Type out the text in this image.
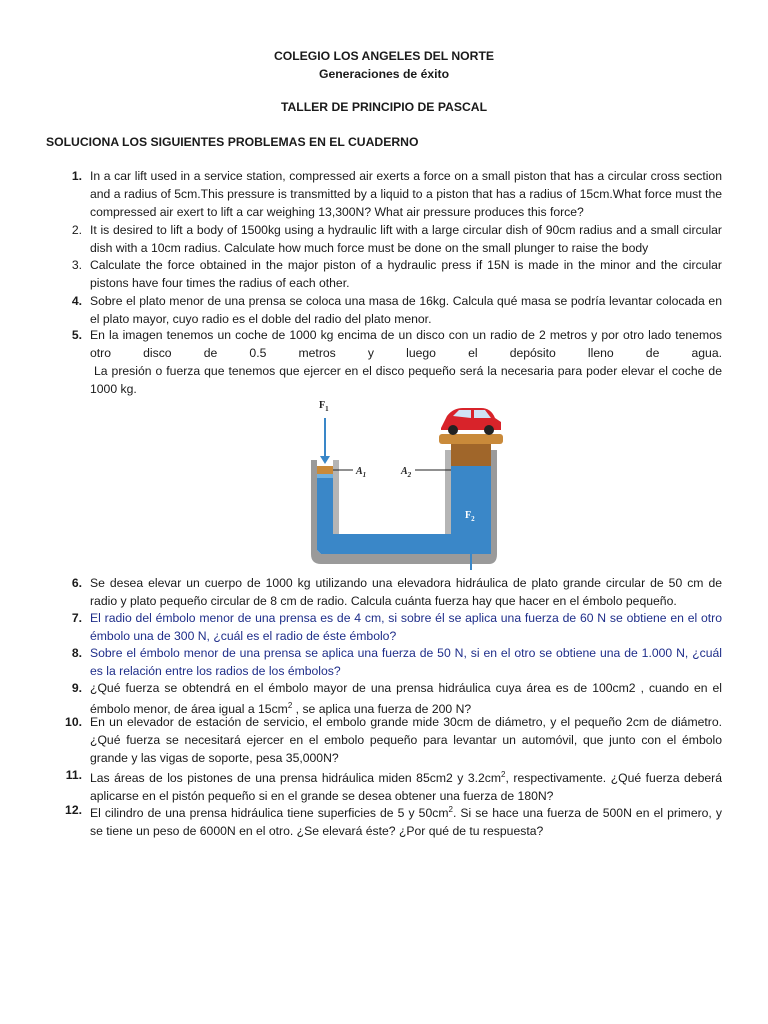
COLEGIO LOS ANGELES DEL NORTE
Generaciones de éxito
TALLER DE PRINCIPIO DE PASCAL
SOLUCIONA LOS SIGUIENTES PROBLEMAS EN EL CUADERNO
1. In a car lift used in a service station, compressed air exerts a force on a small piston that has a circular cross section and a radius of 5cm.This pressure is transmitted by a liquid to a piston that has a radius of 15cm.What force must the compressed air exert to lift a car weighing 13,300N? What air pressure produces this force?
2. It is desired to lift a body of 1500kg using a hydraulic lift with a large circular dish of 90cm radius and a small circular dish with a 10cm radius. Calculate how much force must be done on the small plunger to raise the body
3. Calculate the force obtained in the major piston of a hydraulic press if 15N is made in the minor and the circular pistons have four times the radius of each other.
4. Sobre el plato menor de una prensa se coloca una masa de 16kg. Calcula qué masa se podría levantar colocada en el plato mayor, cuyo radio es el doble del radio del plato menor.
5. En la imagen tenemos un coche de 1000 kg encima de un disco con un radio de 2 metros y por otro lado tenemos otro disco de 0.5 metros y luego el depósito lleno de agua.
La presión o fuerza que tenemos que ejercer en el disco pequeño será la necesaria para poder elevar el coche de 1000 kg.
$F_1$
$A_1$	$A_2$
$F_2$
6. Se desea elevar un cuerpo de 1000 kg utilizando una elevadora hidráulica de plato grande circular de 50 cm de radio y plato pequeño circular de 8 cm de radio. Calcula cuánta fuerza hay que hacer en el émbolo pequeño.
7. El radio del émbolo menor de una prensa es de 4 cm, si sobre él se aplica una fuerza de 60 N se obtiene en el otro émbolo una de 300 N, ¿cuál es el radio de éste émbolo?
8. Sobre el émbolo menor de una prensa se aplica una fuerza de 50 N, si en el otro se obtiene una de 1.000 N, ¿cuál es la relación entre los radios de los émbolos?
9. ¿Qué fuerza se obtendrá en el émbolo mayor de una prensa hidráulica cuya área es de 100cm2 , cuando en el émbolo menor, de área igual a $15cm^2$ , se aplica una fuerza de 200 N?
10. En un elevador de estación de servicio, el embolo grande mide 30cm de diámetro, y el pequeño 2cm de diámetro. ¿Qué fuerza se necesitará ejercer en el embolo pequeño para levantar un automóvil, que junto con el émbolo grande y las vigas de soporte, pesa 35,000N?
11. Las áreas de los pistones de una prensa hidráulica miden 85cm2 y $3.2cm^2$, respectivamente. ¿Qué fuerza deberá aplicarse en el pistón pequeño si en el grande se desea obtener una fuerza de 180N?
12. El cilindro de una prensa hidráulica tiene superficies de 5 y $50cm^2$. Si se hace una fuerza de 500N en el primero, y se tiene un peso de 6000N en el otro. ¿Se elevará éste? ¿Por qué de tu respuesta?
